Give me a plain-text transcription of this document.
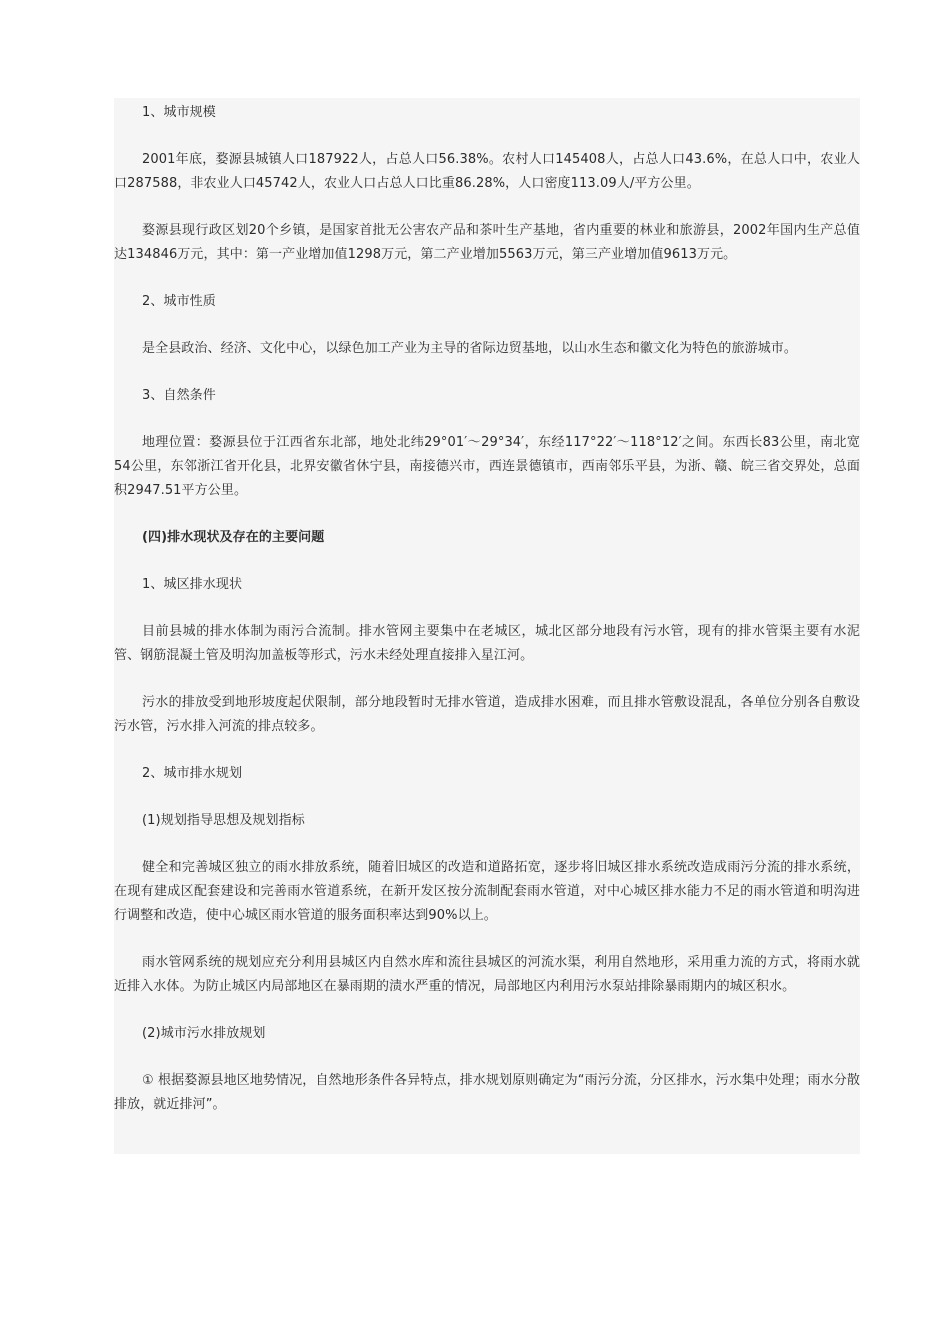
1、城市规模

2001年底，婺源县城镇人口187922人，占总人口56.38%。农村人口145408人，占总人口43.6%，在总人口中，农业人口287588，非农业人口45742人，农业人口占总人口比重86.28%，人口密度113.09人/平方公里。

婺源县现行政区划20个乡镇，是国家首批无公害农产品和茶叶生产基地，省内重要的林业和旅游县，2002年国内生产总值达134846万元，其中：第一产业增加值1298万元，第二产业增加5563万元，第三产业增加值9613万元。

2、城市性质

是全县政治、经济、文化中心，以绿色加工产业为主导的省际边贸基地，以山水生态和徽文化为特色的旅游城市。

3、自然条件

地理位置：婺源县位于江西省东北部，地处北纬29°01′～29°34′，东经117°22′～118°12′之间。东西长83公里，南北宽54公里，东邻浙江省开化县，北界安徽省休宁县，南接德兴市，西连景德镇市，西南邻乐平县，为浙、赣、皖三省交界处，总面积2947.51平方公里。

(四)排水现状及存在的主要问题

1、城区排水现状

目前县城的排水体制为雨污合流制。排水管网主要集中在老城区，城北区部分地段有污水管，现有的排水管渠主要有水泥管、钢筋混凝土管及明沟加盖板等形式，污水未经处理直接排入星江河。

污水的排放受到地形坡度起伏限制，部分地段暂时无排水管道，造成排水困难，而且排水管敷设混乱，各单位分别各自敷设污水管，污水排入河流的排点较多。

2、城市排水规划

(1)规划指导思想及规划指标

健全和完善城区独立的雨水排放系统，随着旧城区的改造和道路拓宽，逐步将旧城区排水系统改造成雨污分流的排水系统，在现有建成区配套建设和完善雨水管道系统，在新开发区按分流制配套雨水管道，对中心城区排水能力不足的雨水管道和明沟进行调整和改造，使中心城区雨水管道的服务面积率达到90%以上。

雨水管网系统的规划应充分利用县城区内自然水库和流往县城区的河流水渠，利用自然地形，采用重力流的方式，将雨水就近排入水体。为防止城区内局部地区在暴雨期的渍水严重的情况，局部地区内利用污水泵站排除暴雨期内的城区积水。

(2)城市污水排放规划

① 根据婺源县地区地势情况，自然地形条件各异特点，排水规划原则确定为“雨污分流，分区排水，污水集中处理；雨水分散排放，就近排河”。
